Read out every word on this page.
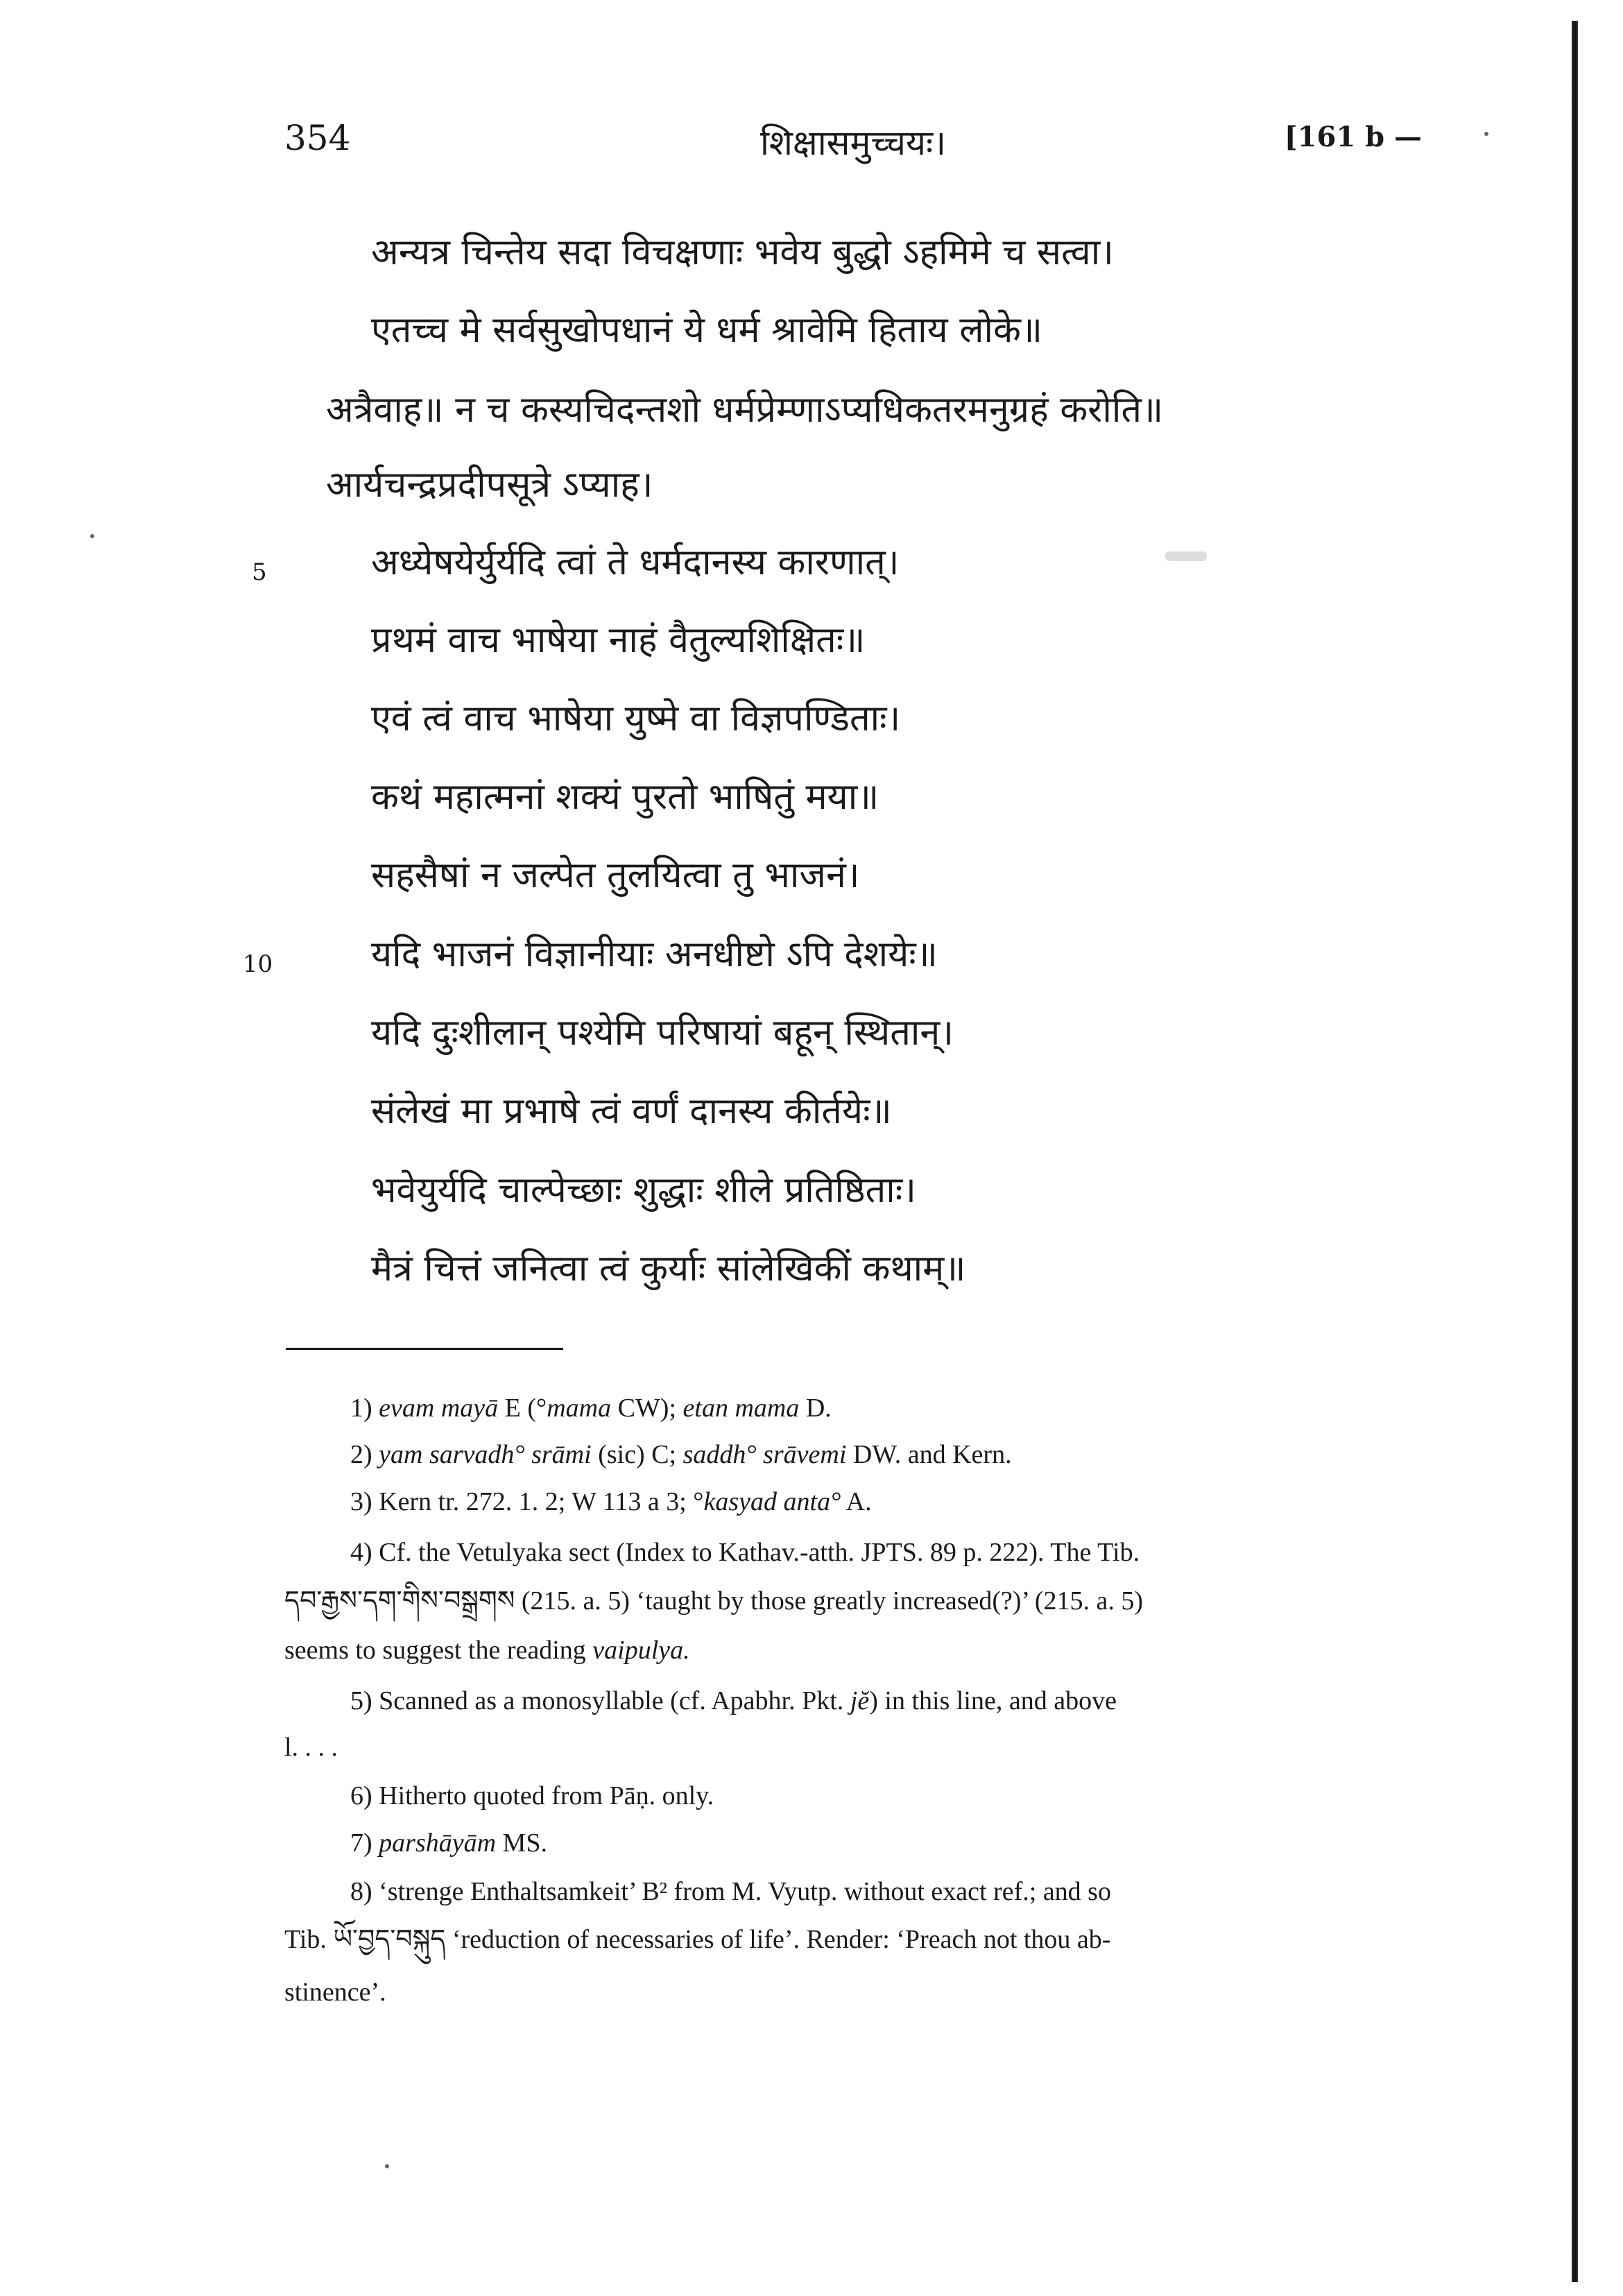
354	शिक्षासमुच्चयः।	[161 b —
अन्यत्र चिन्तेय सदा विचक्षणाः भवेय बुद्धो ऽहमिमे च सत्वा।
एतच्च मे सर्वसुखोपधानं ये धर्म श्रावेमि हिताय लोके॥
अत्रैवाह॥ न च कस्यचिदन्तशो धर्मप्रेम्णाऽप्यधिकतरमनुग्रहं करोति॥
आर्यचन्द्रप्रदीपसूत्रे ऽप्याह।
अध्येषयेर्युर्यदि त्वां ते धर्मदानस्य कारणात्।
प्रथमं वाच भाषेया नाहं वैतुल्यशिक्षितः॥
एवं त्वं वाच भाषेया युष्मे वा विज्ञपण्डिताः।
कथं महात्मनां शक्यं पुरतो भाषितुं मया॥
सहसैषां न जल्पेत तुलयित्वा तु भाजनं।
यदि भाजनं विज्ञानीयाः अनधीष्टो ऽपि देशयेः॥
यदि दुःशीलान् पश्येमि परिषायां बहून् स्थितान्।
संलेखं मा प्रभाषे त्वं वर्णं दानस्य कीर्तयेः॥
भवेयुर्यदि चाल्पेच्छाः शुद्धाः शीले प्रतिष्ठिताः।
मैत्रं चित्तं जनित्वा त्वं कुर्याः सांलेखिकीं कथाम्॥
5
10
1) evam mayā E (°mama CW); etan mama D.
2) yam sarvadh° srāmi (sic) C; saddh° srāvemi DW. and Kern.
3) Kern tr. 272. 1. 2; W 113 a 3; °kasyad anta° A.
4) Cf. the Vetulyaka sect (Index to Kathav.-atth. JPTS. 89 p. 222). The Tib.
དབ་རྒྱས་དག་གིས་བསྒྲགས (215. a. 5) ‘taught by those greatly increased(?)’ (215. a. 5)
seems to suggest the reading vaipulya.
5) Scanned as a monosyllable (cf. Apabhr. Pkt. jĕ) in this line, and above
l. . . .
6) Hitherto quoted from Pāṇ. only.
7) parshāyām MS.
8) ‘strenge Enthaltsamkeit’ B² from M. Vyutp. without exact ref.; and so
Tib. ཡོ་བྱད་བསྐུད ‘reduction of necessaries of life’. Render: ‘Preach not thou ab-
stinence’.
